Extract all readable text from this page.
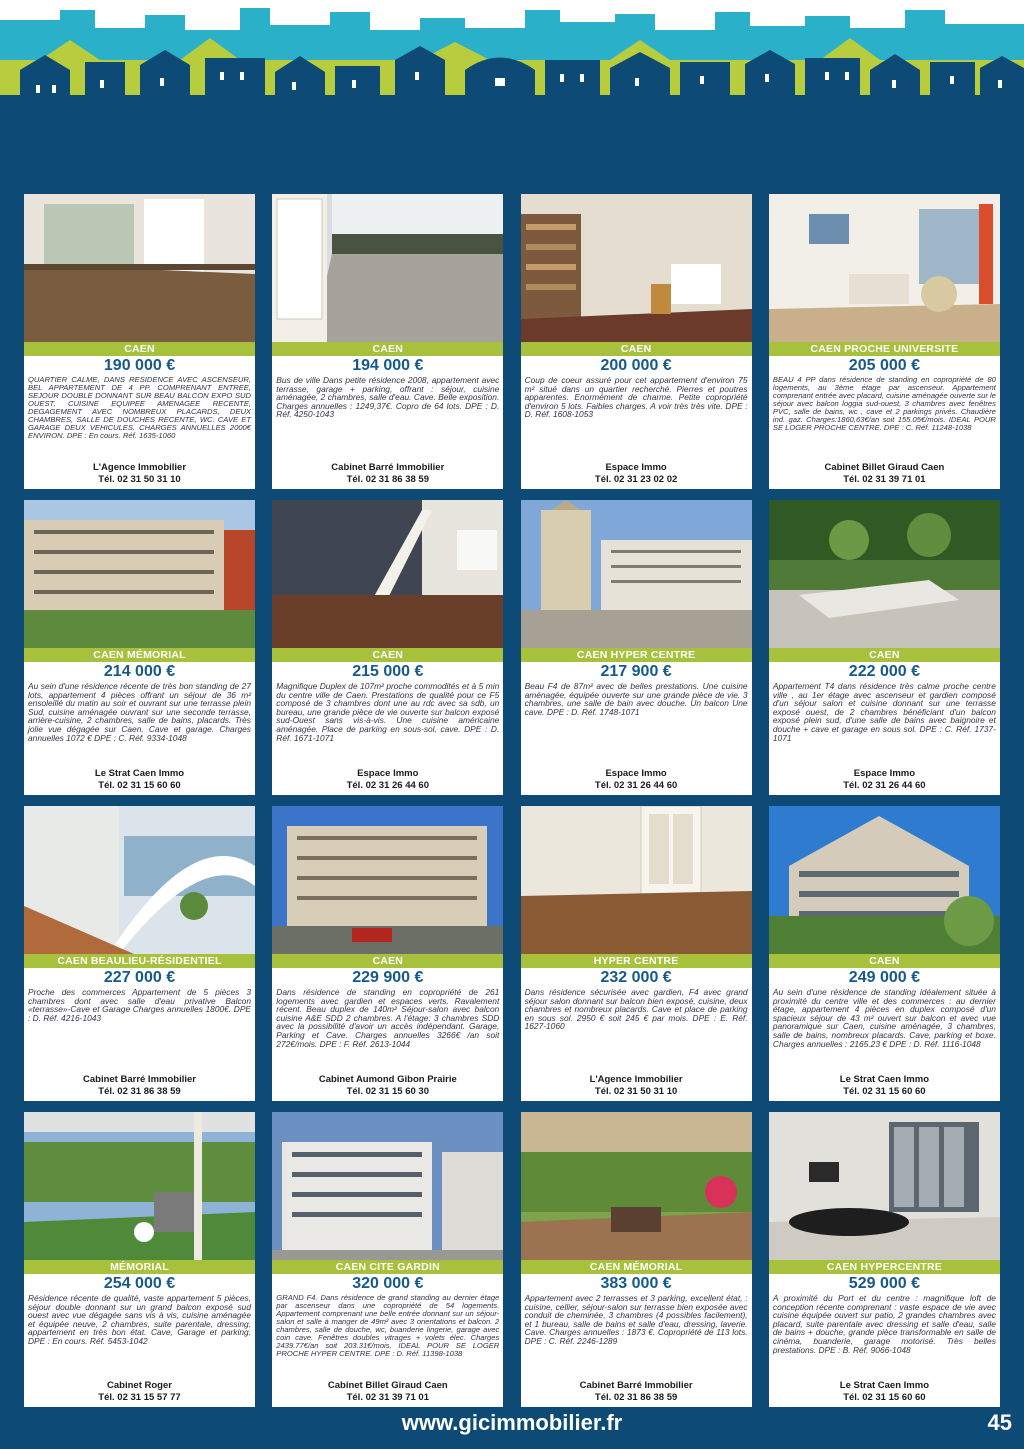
CAEN
190 000 €
QUARTIER CALME, DANS RESIDENCE AVEC ASCENSEUR, BEL APPARTEMENT DE 4 PP. COMPRENANT ENTREE, SEJOUR DOUBLE DONNANT SUR BEAU BALCON EXPO SUD OUEST, CUISINE EQUIPEE AMENAGEE RECENTE, DEGAGEMENT AVEC NOMBREUX PLACARDS, DEUX CHAMBRES, SALLE DE DOUCHES RECENTE, WC. CAVE ET GARAGE DEUX VEHICULES. CHARGES ANNUELLES 2000€ ENVIRON. DPE : En cours. Réf. 1635-1060
L'Agence Immobilier
Tél. 02 31 50 31 10
CAEN
194 000 €
Bus de ville Dans petite résidence 2008, appartement avec terrasse, garage + parking, offrant : séjour, cuisine aménagée, 2 chambres, salle d'eau. Cave. Belle exposition. Charges annuelles : 1249,37€. Copro de 64 lots. DPE : D. Réf. 4250-1043
Cabinet Barré Immobilier
Tél. 02 31 86 38 59
CAEN
200 000 €
Coup de coeur assuré pour cet appartement d'environ 75 m² situé dans un quartier recherché. Pierres et poutres apparentes. Enormément de charme. Petite copropriété d'environ 5 lots. Faibles charges. A voir très très vite. DPE : D. Réf. 1608-1053
Espace Immo
Tél. 02 31 23 02 02
CAEN PROCHE UNIVERSITE
205 000 €
BEAU 4 PP dans résidence de standing en copropriété de 80 logements, au 3ème étage par ascenseur. Appartement comprenant entrée avec placard, cuisine aménagée ouverte sur le séjour avec balcon loggia sud-ouest, 3 chambres avec fenêtres PVC, salle de bains, wc , cave et 2 parkings privés. Chaudière ind. gaz. Charges:1860,63€/an soit 155.05€/mois. IDEAL POUR SE LOGER PROCHE CENTRE. DPE : C. Réf. 11248-1038
Cabinet Billet Giraud Caen
Tél. 02 31 39 71 01
CAEN MÉMORIAL
214 000 €
Au sein d'une résidence récente de très bon standing de 27 lots, appartement 4 pièces offrant un séjour de 36 m² ensoleillé du matin au soir et ouvrant sur une terrasse plein Sud, cuisine aménagée ouvrant sur une seconde terrasse, arrière-cuisine, 2 chambres, salle de bains, placards. Très jolie vue dégagée sur Caen. Cave et garage. Charges annuelles 1072 € DPE : C. Réf. 9334-1048
Le Strat Caen Immo
Tél. 02 31 15 60 60
CAEN
215 000 €
Magnifique Duplex de 107m² proche commodités et à 5 min du centre ville de Caen. Prestations de qualité pour ce F5 composé de 3 chambres dont une au rdc avec sa sdb, un bureau, une grande pièce de vie ouverte sur balcon exposé sud-Ouest sans vis-à-vis. Une cuisine américaine aménagée. Place de parking en sous-sol, cave. DPE : D. Réf. 1671-1071
Espace Immo
Tél. 02 31 26 44 60
CAEN HYPER CENTRE
217 900 €
Beau F4 de 87m² avec de belles prestations. Une cuisine aménagée, équipée ouverte sur une grande pièce de vie. 3 chambres, une salle de bain avec douche. Un balcon Une cave. DPE : D. Réf. 1748-1071
Espace Immo
Tél. 02 31 26 44 60
CAEN
222 000 €
Appartement T4 dans résidence très calme proche centre ville , au 1er étage avec ascenseur et gardien composé d'un séjour salon et cuisine donnant sur une terrasse exposé ouest, de 2 chambres bénéficiant d'un balcon exposé plein sud, d'une salle de bains avec baignoire et douche + cave et garage en sous sol. DPE : C. Réf. 1737-1071
Espace Immo
Tél. 02 31 26 44 60
CAEN BEAULIEU-RÉSIDENTIEL
227 000 €
Proche des commerces Appartement de 5 pièces 3 chambres dont avec salle d'eau privative Balcon «terrasse»-Cave et Garage Charges annuelles 1800€. DPE : D. Réf. 4216-1043
Cabinet Barré Immobilier
Tél. 02 31 86 38 59
CAEN
229 900 €
Dans résidence de standing en copropriété de 261 logements avec gardien et espaces verts. Ravalement récent. Beau duplex de 140m² Séjour-salon avec balcon cuisine A&E SDD 2 chambres. A l'étage: 3 chambres SDD avec la possibilité d'avoir un accès indépendant. Garage, Parking et Cave. Charges annuelles 3266€ /an soit 272€/mois. DPE : F. Réf. 2613-1044
Cabinet Aumond Gibon Prairie
Tél. 02 31 15 60 30
HYPER CENTRE
232 000 €
Dans résidence sécurisée avec gardien, F4 avec grand séjour salon donnant sur balcon bien exposé, cuisine, deux chambres et nombreux placards. Cave et place de parking en sous sol. 2950 € soit 245 € par mois. DPE : E. Réf. 1627-1060
L'Agence Immobilier
Tél. 02 31 50 31 10
CAEN
249 000 €
Au sein d'une résidence de standing idéalement située à proximité du centre ville et des commerces : au dernier étage, appartement 4 pièces en duplex composé d'un spacieux séjour de 43 m² ouvert sur balcon et avec vue panoramique sur Caen, cuisine aménagée, 3 chambres, salle de bains, nombreux placards. Cave, parking et boxe. Charges annuelles : 2165.23 € DPE : D. Réf. 1116-1048
Le Strat Caen Immo
Tél. 02 31 15 60 60
MÉMORIAL
254 000 €
Résidence récente de qualité, vaste appartement 5 pièces, séjour double donnant sur un grand balcon exposé sud ouest avec vue dégagée sans vis à vis, cuisine aménagée et équipée neuve, 2 chambres, suite parentale, dressing. appartement en très bon état. Cave, Garage et parking. DPE : En cours. Réf. 5453-1042
Cabinet Roger
Tél. 02 31 15 57 77
CAEN CITE GARDIN
320 000 €
GRAND F4. Dans résidence de grand standing au dernier étage par ascenseur dans une copropriété de 54 logements. Appartement comprenant une belle entrée donnant sur un séjour-salon et salle à manger de 49m² avec 3 orientations et balcon. 2 chambres, salle de douche, wc, buanderie lingerie, garage avec coin cave. Fenêtres doubles vitrages + volets élec. Charges 2439.77€/an soit 203.31€/mois. IDEAL POUR SE LOGER PROCHE HYPER CENTRE. DPE : D. Réf. 11398-1038
Cabinet Billet Giraud Caen
Tél. 02 31 39 71 01
CAEN MÉMORIAL
383 000 €
Appartement avec 2 terrasses et 3 parking, excellent état, : cuisine, cellier, séjour-salon sur terrasse bien exposée avec conduit de cheminée, 3 chambres (4 possibles facilement), et 1 bureau, salle de bains et salle d'eau, dressing, laverie. Cave. Charges annuelles : 1873 €. Copropriété de 113 lots. DPE : C. Réf. 2246-1289
Cabinet Barré Immobilier
Tél. 02 31 86 38 59
CAEN HYPERCENTRE
529 000 €
A proximité du Port et du centre : magnifique loft de conception récente comprenant : vaste espace de vie avec cuisine équipée ouvert sur patio, 2 grandes chambres avec placard, suite parentale avec dressing et salle d'eau, salle de bains + douche, grande pièce transformable en salle de cinéma, buanderie, garage motorisé. Très belles prestations. DPE : B. Réf. 9066-1048
Le Strat Caen Immo
Tél. 02 31 15 60 60
www.gicimmobilier.fr	45
